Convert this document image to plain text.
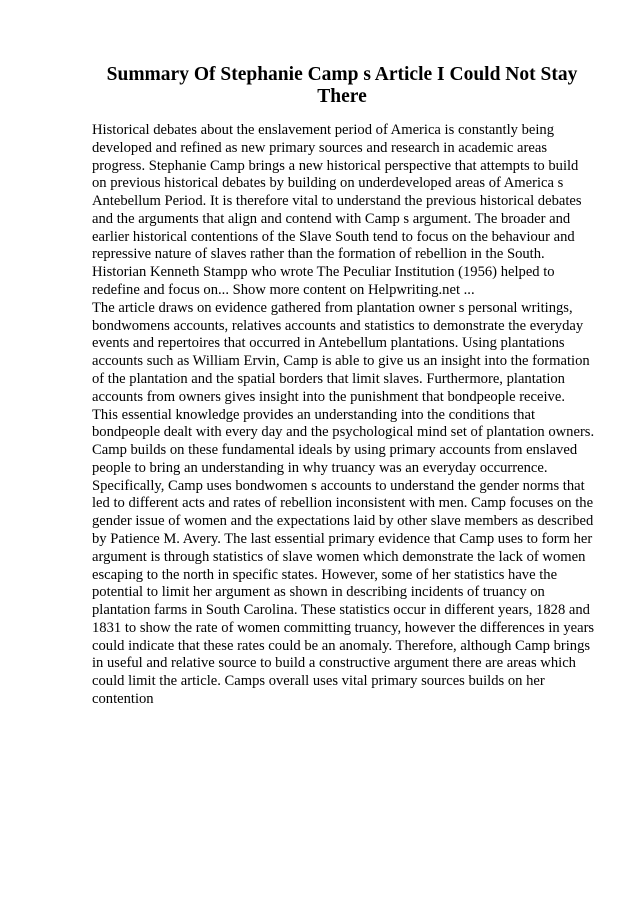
Summary Of Stephanie Camp s Article I Could Not Stay
There
Historical debates about the enslavement period of America is constantly being
developed and refined as new primary sources and research in academic areas
progress. Stephanie Camp brings a new historical perspective that attempts to build
on previous historical debates by building on underdeveloped areas of America s
Antebellum Period. It is therefore vital to understand the previous historical debates
and the arguments that align and contend with Camp s argument. The broader and
earlier historical contentions of the Slave South tend to focus on the behaviour and
repressive nature of slaves rather than the formation of rebellion in the South.
Historian Kenneth Stampp who wrote The Peculiar Institution (1956) helped to
redefine and focus on... Show more content on Helpwriting.net ...
The article draws on evidence gathered from plantation owner s personal writings,
bondwomens accounts, relatives accounts and statistics to demonstrate the everyday
events and repertoires that occurred in Antebellum plantations. Using plantations
accounts such as William Ervin, Camp is able to give us an insight into the formation
of the plantation and the spatial borders that limit slaves. Furthermore, plantation
accounts from owners gives insight into the punishment that bondpeople receive.
This essential knowledge provides an understanding into the conditions that
bondpeople dealt with every day and the psychological mind set of plantation owners.
Camp builds on these fundamental ideals by using primary accounts from enslaved
people to bring an understanding in why truancy was an everyday occurrence.
Specifically, Camp uses bondwomen s accounts to understand the gender norms that
led to different acts and rates of rebellion inconsistent with men. Camp focuses on the
gender issue of women and the expectations laid by other slave members as described
by Patience M. Avery. The last essential primary evidence that Camp uses to form her
argument is through statistics of slave women which demonstrate the lack of women
escaping to the north in specific states. However, some of her statistics have the
potential to limit her argument as shown in describing incidents of truancy on
plantation farms in South Carolina. These statistics occur in different years, 1828 and
1831 to show the rate of women committing truancy, however the differences in years
could indicate that these rates could be an anomaly. Therefore, although Camp brings
in useful and relative source to build a constructive argument there are areas which
could limit the article. Camps overall uses vital primary sources builds on her
contention
